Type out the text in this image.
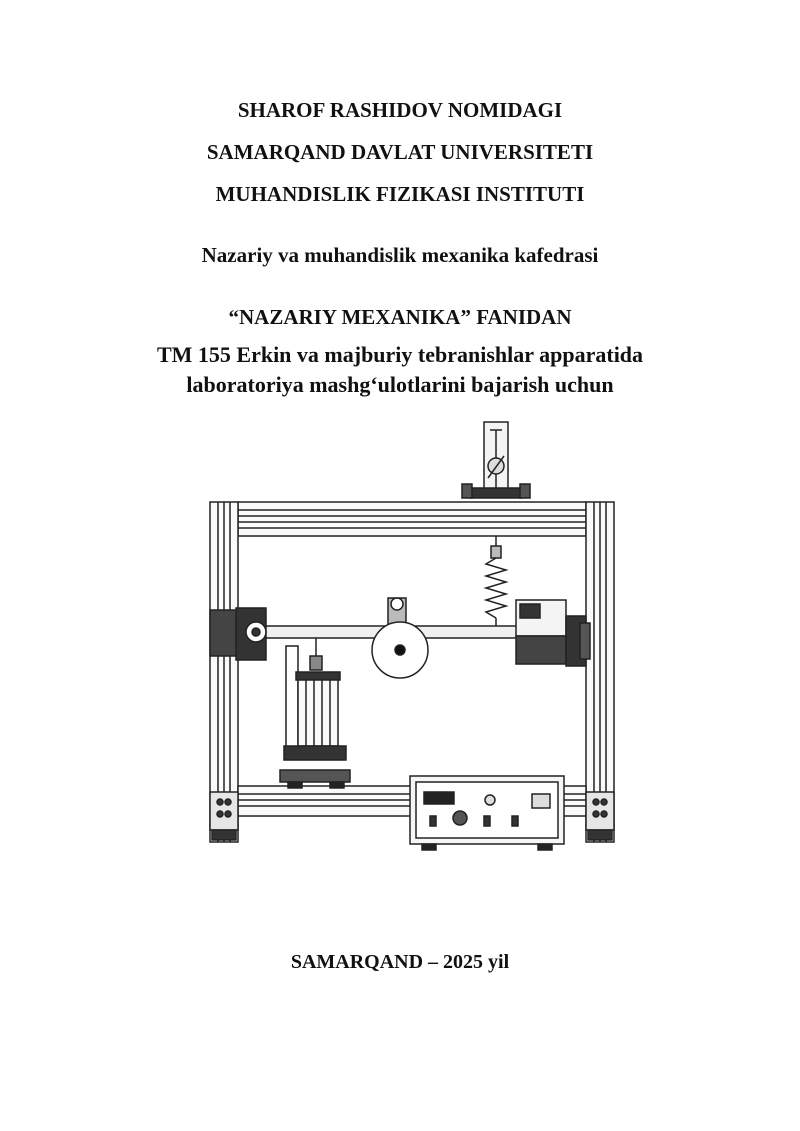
SHAROF RASHIDOV NOMIDAGI
SAMARQAND DAVLAT UNIVERSITETI
MUHANDISLIK FIZIKASI INSTITUTI
Nazariy va muhandislik mexanika kafedrasi
“NAZARIY MEXANIKA” FANIDAN
TM 155 Erkin va majburiy tebranishlar apparatida
laboratoriya mashg‘ulotlarini bajarish uchun
SAMARQAND – 2025 yil
